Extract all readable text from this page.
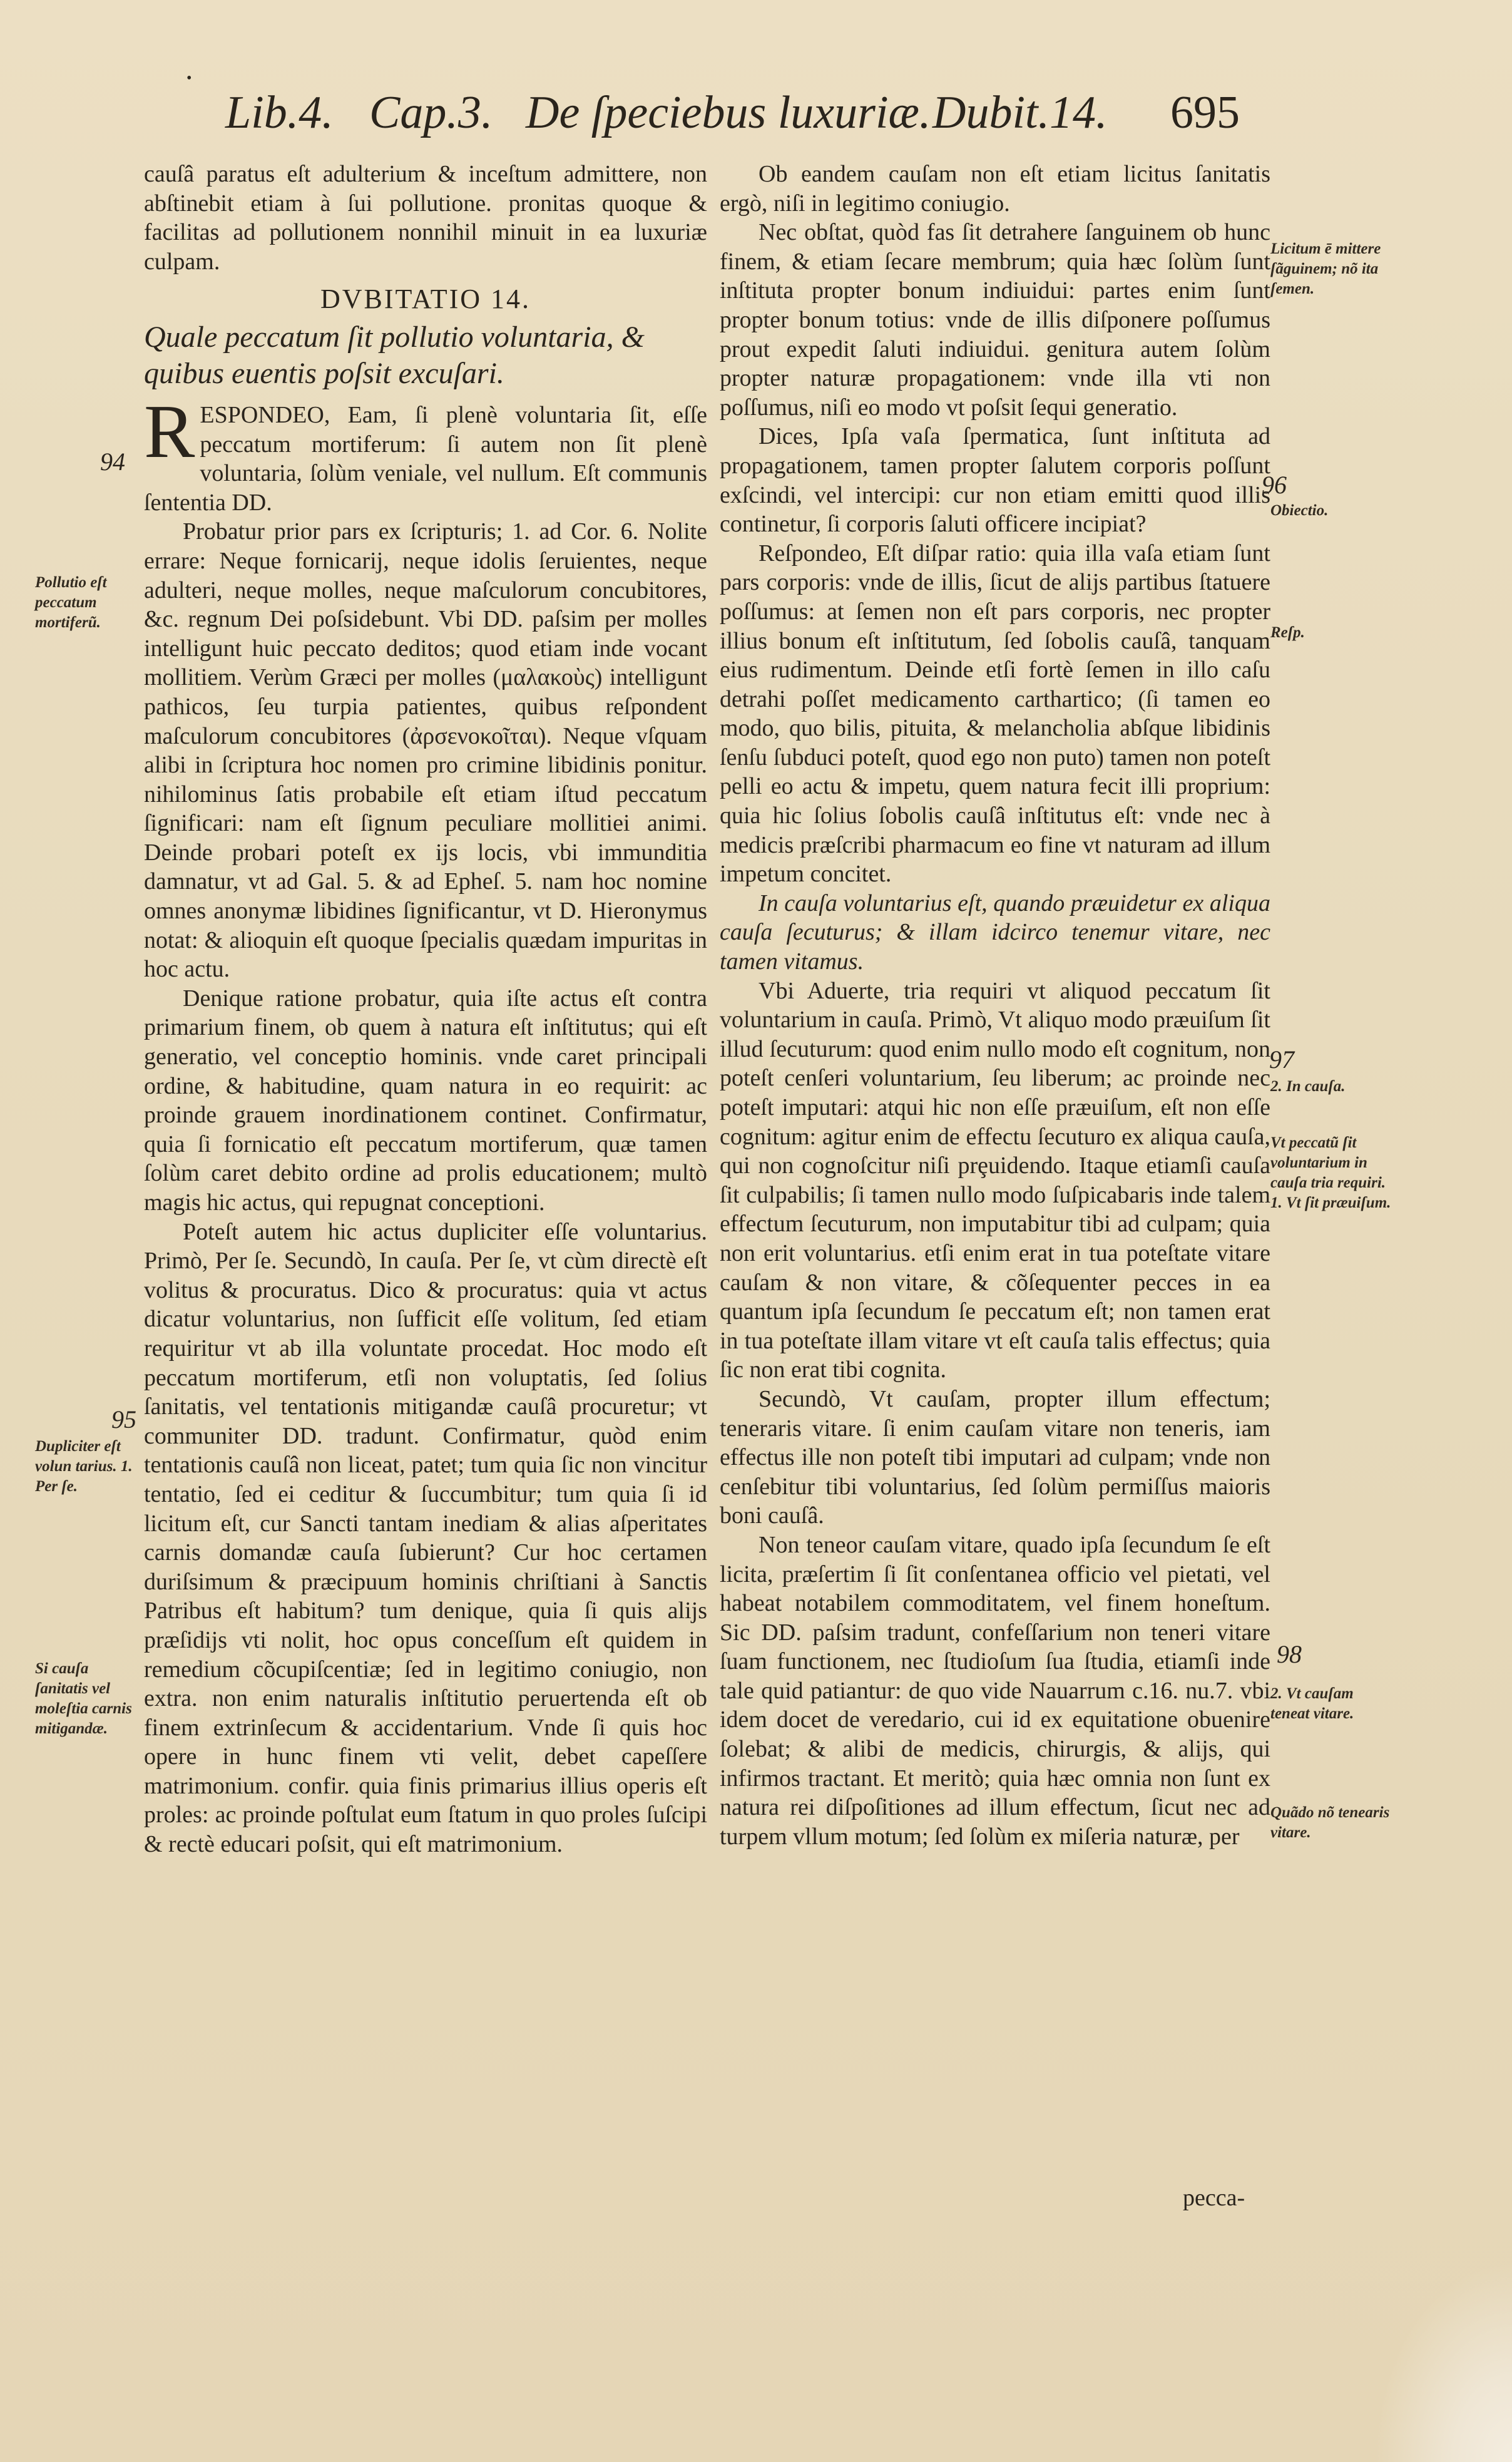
•
Lib.4. Cap.3. De ſpeciebus luxuriæ. Dubit.14. 695

cauſâ paratus eſt adulterium & inceſtum admittere, non abſtinebit etiam à ſui pollutione. pronitas quoque & facilitas ad pollutionem nonnihil minuit in ea luxuriæ culpam.

DVBITATIO 14.

Quale peccatum ſit pollutio voluntaria, & quibus euentis poſsit excuſari.

RESPONDEO, Eam, ſi plenè voluntaria ſit, eſſe peccatum mortiferum: ſi autem non ſit plenè voluntaria, ſolùm veniale, vel nullum. Eſt communis ſententia DD.

Probatur prior pars ex ſcripturis; 1. ad Cor. 6. Nolite errare: Neque fornicarij, neque idolis ſeruientes, neque adulteri, neque molles, neque maſculorum concubitores, &c. regnum Dei poſsidebunt. Vbi DD. paſsim per molles intelligunt huic peccato deditos; quod etiam inde vocant mollitiem. Verùm Græci per molles (μαλακοὺς) intelligunt pathicos, ſeu turpia patientes, quibus reſpondent maſculorum concubitores (ἀρσενοκοῖται). Neque vſquam alibi in ſcriptura hoc nomen pro crimine libidinis ponitur. nihilominus ſatis probabile eſt etiam iſtud peccatum ſignificari: nam eſt ſignum peculiare mollitiei animi. Deinde probari poteſt ex ijs locis, vbi immunditia damnatur, vt ad Gal. 5. & ad Epheſ. 5. nam hoc nomine omnes anonymæ libidines ſignificantur, vt D. Hieronymus notat: & alioquin eſt quoque ſpecialis quædam impuritas in hoc actu.

Denique ratione probatur, quia iſte actus eſt contra primarium finem, ob quem à natura eſt inſtitutus; qui eſt generatio, vel conceptio hominis. vnde caret principali ordine, & habitudine, quam natura in eo requirit: ac proinde grauem inordinationem continet. Confirmatur, quia ſi fornicatio eſt peccatum mortiferum, quæ tamen ſolùm caret debito ordine ad prolis educationem; multò magis hic actus, qui repugnat conceptioni.

Poteſt autem hic actus dupliciter eſſe voluntarius. Primò, Per ſe. Secundò, In cauſa. Per ſe, vt cùm directè eſt volitus & procuratus. Dico & procuratus: quia vt actus dicatur voluntarius, non ſufficit eſſe volitum, ſed etiam requiritur vt ab illa voluntate procedat. Hoc modo eſt peccatum mortiferum, etſi non voluptatis, ſed ſolius ſanitatis, vel tentationis mitigandæ cauſâ procuretur; vt communiter DD. tradunt. Confirmatur, quòd enim tentationis cauſâ non liceat, patet; tum quia ſic non vincitur tentatio, ſed ei ceditur & ſuccumbitur; tum quia ſi id licitum eſt, cur Sancti tantam inediam & alias aſperitates carnis domandæ cauſa ſubierunt? Cur hoc certamen duriſsimum & præcipuum hominis chriſtiani à Sanctis Patribus eſt habitum? tum denique, quia ſi quis alijs præſidijs vti nolit, hoc opus conceſſum eſt quidem in remedium cõcupiſcentiæ; ſed in legitimo coniugio, non extra. non enim naturalis inſtitutio peruertenda eſt ob finem extrinſecum & accidentarium. Vnde ſi quis hoc opere in hunc finem vti velit, debet capeſſere matrimonium. confir. quia finis primarius illius operis eſt proles: ac proinde poſtulat eum ſtatum in quo proles ſuſcipi & rectè educari poſsit, qui eſt matrimonium.

Ob eandem cauſam non eſt etiam licitus ſanitatis ergò, niſi in legitimo coniugio.

Nec obſtat, quòd fas ſit detrahere ſanguinem ob hunc finem, & etiam ſecare membrum; quia hæc ſolùm ſunt inſtituta propter bonum indiuidui: partes enim ſunt propter bonum totius: vnde de illis diſponere poſſumus prout expedit ſaluti indiuidui. genitura autem ſolùm propter naturæ propagationem: vnde illa vti non poſſumus, niſi eo modo vt poſsit ſequi generatio.

Dices, Ipſa vaſa ſpermatica, ſunt inſtituta ad propagationem, tamen propter ſalutem corporis poſſunt exſcindi, vel intercipi: cur non etiam emitti quod illis continetur, ſi corporis ſaluti officere incipiat?

Reſpondeo, Eſt diſpar ratio: quia illa vaſa etiam ſunt pars corporis: vnde de illis, ſicut de alijs partibus ſtatuere poſſumus: at ſemen non eſt pars corporis, nec propter illius bonum eſt inſtitutum, ſed ſobolis cauſâ, tanquam eius rudimentum. Deinde etſi fortè ſemen in illo caſu detrahi poſſet medicamento carthartico; (ſi tamen eo modo, quo bilis, pituita, & melancholia abſque libidinis ſenſu ſubduci poteſt, quod ego non puto) tamen non poteſt pelli eo actu & impetu, quem natura fecit illi proprium: quia hic ſolius ſobolis cauſâ inſtitutus eſt: vnde nec à medicis præſcribi pharmacum eo fine vt naturam ad illum impetum concitet.

In cauſa voluntarius eſt, quando præuidetur ex aliqua cauſa ſecuturus; & illam idcirco tenemur vitare, nec tamen vitamus.

Vbi Aduerte, tria requiri vt aliquod peccatum ſit voluntarium in cauſa. Primò, Vt aliquo modo præuiſum ſit illud ſecuturum: quod enim nullo modo eſt cognitum, non poteſt cenſeri voluntarium, ſeu liberum; ac proinde nec poteſt imputari: atqui hic non eſſe præuiſum, eſt non eſſe cognitum: agitur enim de effectu ſecuturo ex aliqua cauſa, qui non cognoſcitur niſi prȩuidendo. Itaque etiamſi cauſa ſit culpabilis; ſi tamen nullo modo ſuſpicabaris inde talem effectum ſecuturum, non imputabitur tibi ad culpam; quia non erit voluntarius. etſi enim erat in tua poteſtate vitare cauſam & non vitare, & cõſequenter pecces in ea quantum ipſa ſecundum ſe peccatum eſt; non tamen erat in tua poteſtate illam vitare vt eſt cauſa talis effectus; quia ſic non erat tibi cognita.

Secundò, Vt cauſam, propter illum effectum; teneraris vitare. ſi enim cauſam vitare non teneris, iam effectus ille non poteſt tibi imputari ad culpam; vnde non cenſebitur tibi voluntarius, ſed ſolùm permiſſus maioris boni cauſâ.

Non teneor cauſam vitare, quado ipſa ſecundum ſe eſt licita, præſertim ſi ſit conſentanea officio vel pietati, vel habeat notabilem commoditatem, vel finem honeſtum. Sic DD. paſsim tradunt, confeſſarium non teneri vitare ſuam functionem, nec ſtudioſum ſua ſtudia, etiamſi inde tale quid patiantur: de quo vide Nauarrum c.16. nu.7. vbi idem docet de veredario, cui id ex equitatione obuenire ſolebat; & alibi de medicis, chirurgis, & alijs, qui infirmos tractant. Et meritò; quia hæc omnia non ſunt ex natura rei diſpoſitiones ad illum effectum, ſicut nec ad turpem vllum motum; ſed ſolùm ex miſeria naturæ, per

pecca-
94
95
96
97
98
Pollutio eſt peccatum mortiferũ.
Dupliciter eſt volun tarius. 1. Per ſe.
Si cauſa ſanitatis vel moleſtia carnis mitigandæ.
Licitum ē mittere ſãguinem; nõ ita ſemen.
Obiectio.
Reſp.
2. In cauſa.
Vt peccatũ ſit voluntarium in cauſa tria requiri. 1. Vt ſit præuiſum.
2. Vt cauſam teneat vitare.
Quãdo nõ tenearis vitare.
